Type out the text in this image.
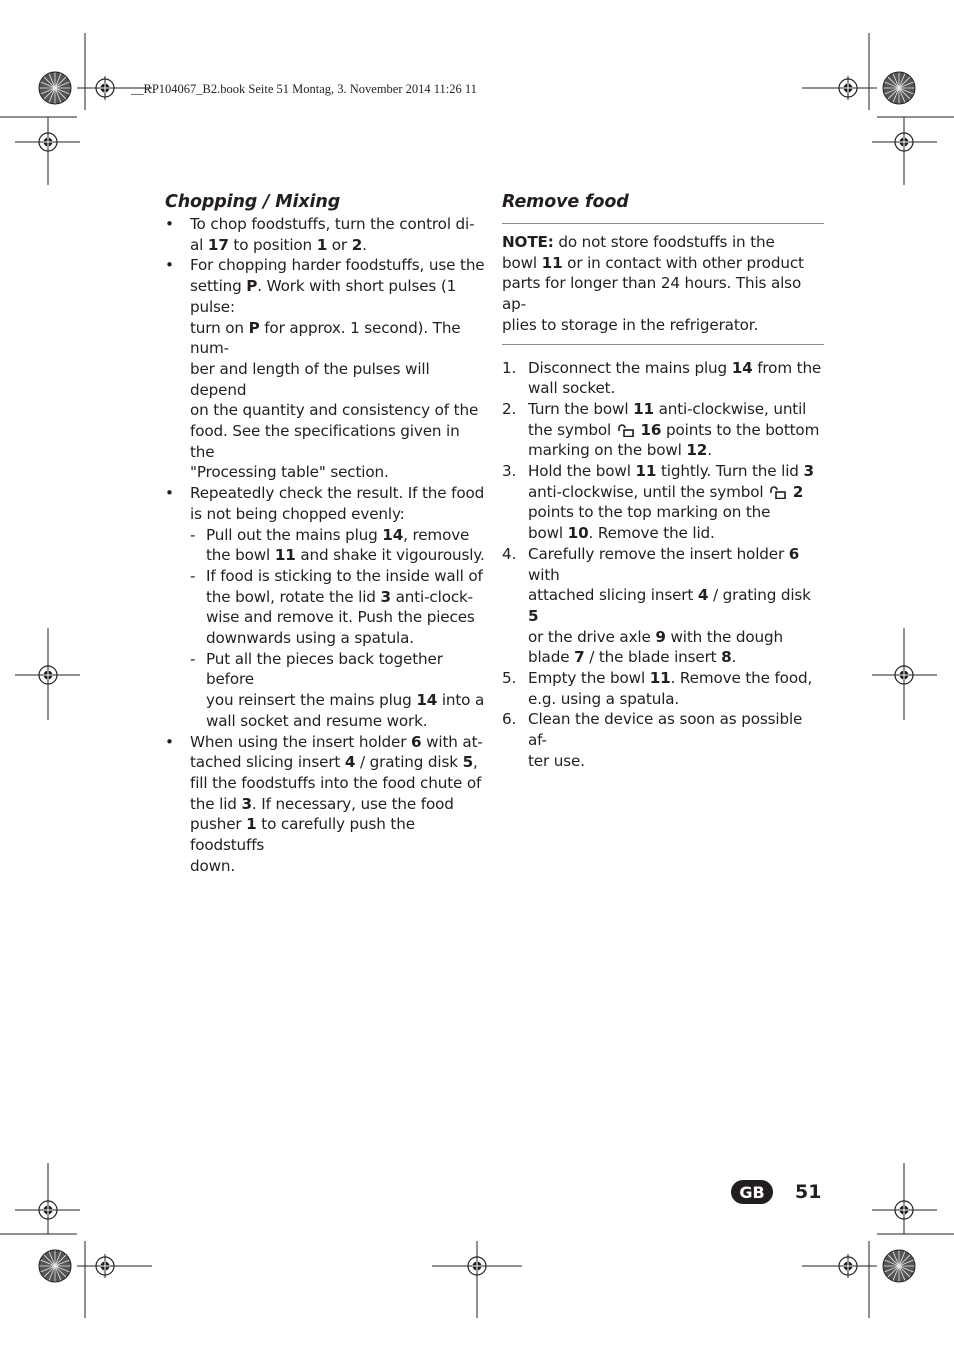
__RP104067_B2.book Seite 51 Montag, 3. November 2014 11:26 11
Chopping / Mixing
• To chop foodstuffs, turn the control di-
al 17 to position 1 or 2.
• For chopping harder foodstuffs, use the
setting P. Work with short pulses (1 pulse:
turn on P for approx. 1 second). The num-
ber and length of the pulses will depend
on the quantity and consistency of the
food. See the specifications given in the
"Processing table" section.
• Repeatedly check the result. If the food
is not being chopped evenly:
- Pull out the mains plug 14, remove
the bowl 11 and shake it vigourously.
- If food is sticking to the inside wall of
the bowl, rotate the lid 3 anti-clock-
wise and remove it. Push the pieces
downwards using a spatula.
- Put all the pieces back together before
you reinsert the mains plug 14 into a
wall socket and resume work.
• When using the insert holder 6 with at-
tached slicing insert 4 / grating disk 5,
fill the foodstuffs into the food chute of
the lid 3. If necessary, use the food
pusher 1 to carefully push the foodstuffs
down.
Remove food
NOTE: do not store foodstuffs in the
bowl 11 or in contact with other product
parts for longer than 24 hours. This also ap-
plies to storage in the refrigerator.
1. Disconnect the mains plug 14 from the
wall socket.
2. Turn the bowl 11 anti-clockwise, until
the symbol  16 points to the bottom
marking on the bowl 12.
3. Hold the bowl 11 tightly. Turn the lid 3
anti-clockwise, until the symbol  2
points to the top marking on the
bowl 10. Remove the lid.
4. Carefully remove the insert holder 6 with
attached slicing insert 4 / grating disk 5
or the drive axle 9 with the dough
blade 7 / the blade insert 8.
5. Empty the bowl 11. Remove the food,
e.g. using a spatula.
6. Clean the device as soon as possible af-
ter use.
GB	51
